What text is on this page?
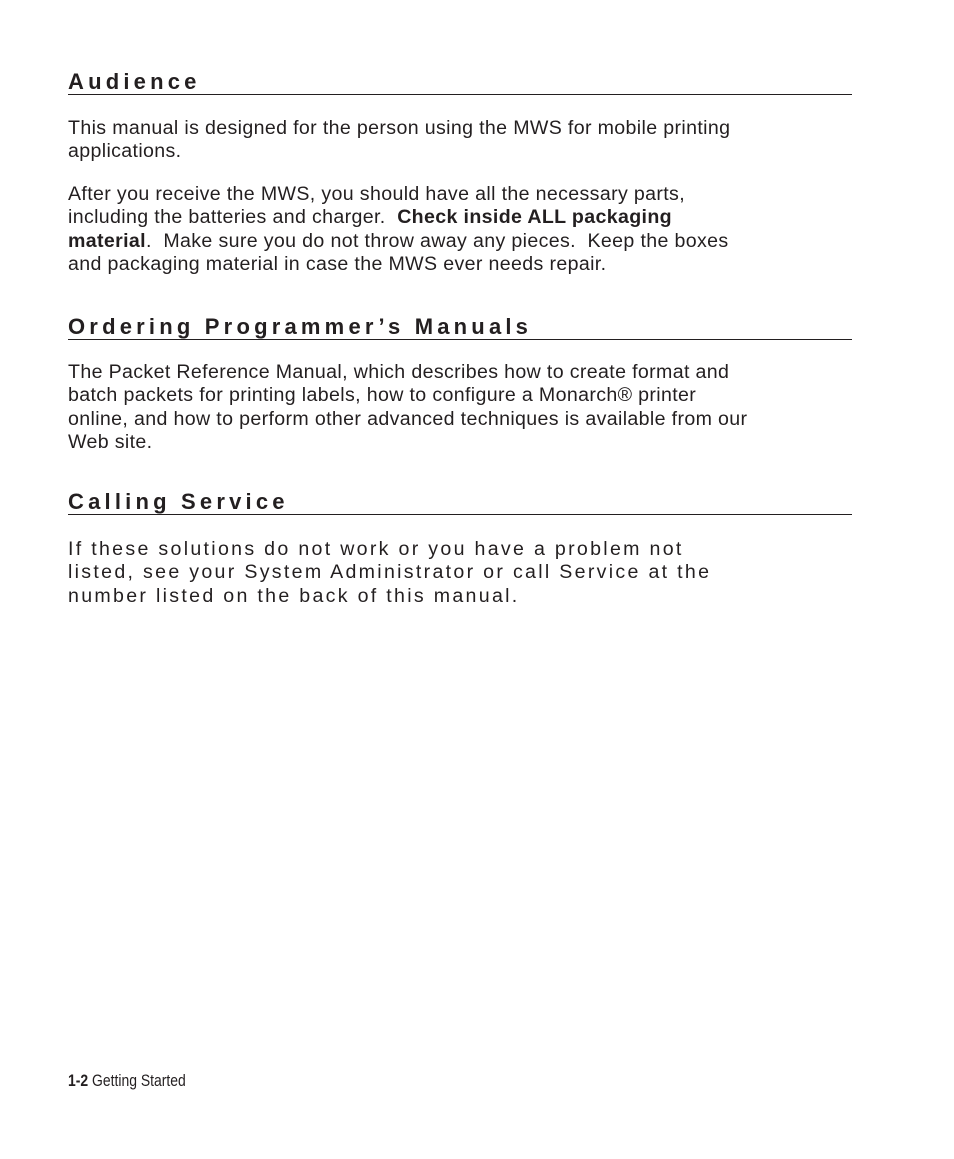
Audience

This manual is designed for the person using the MWS for mobile printing
applications.

After you receive the MWS, you should have all the necessary parts,
including the batteries and charger.  Check inside ALL packaging
material.  Make sure you do not throw away any pieces.  Keep the boxes
and packaging material in case the MWS ever needs repair.

Ordering Programmer’s Manuals

The Packet Reference Manual, which describes how to create format and
batch packets for printing labels, how to configure a Monarch® printer
online, and how to perform other advanced techniques is available from our
Web site.

Calling Service

If these solutions do not work or you have a problem not
listed, see your System Administrator or call Service at the
number listed on the back of this manual.

1-2 Getting Started
